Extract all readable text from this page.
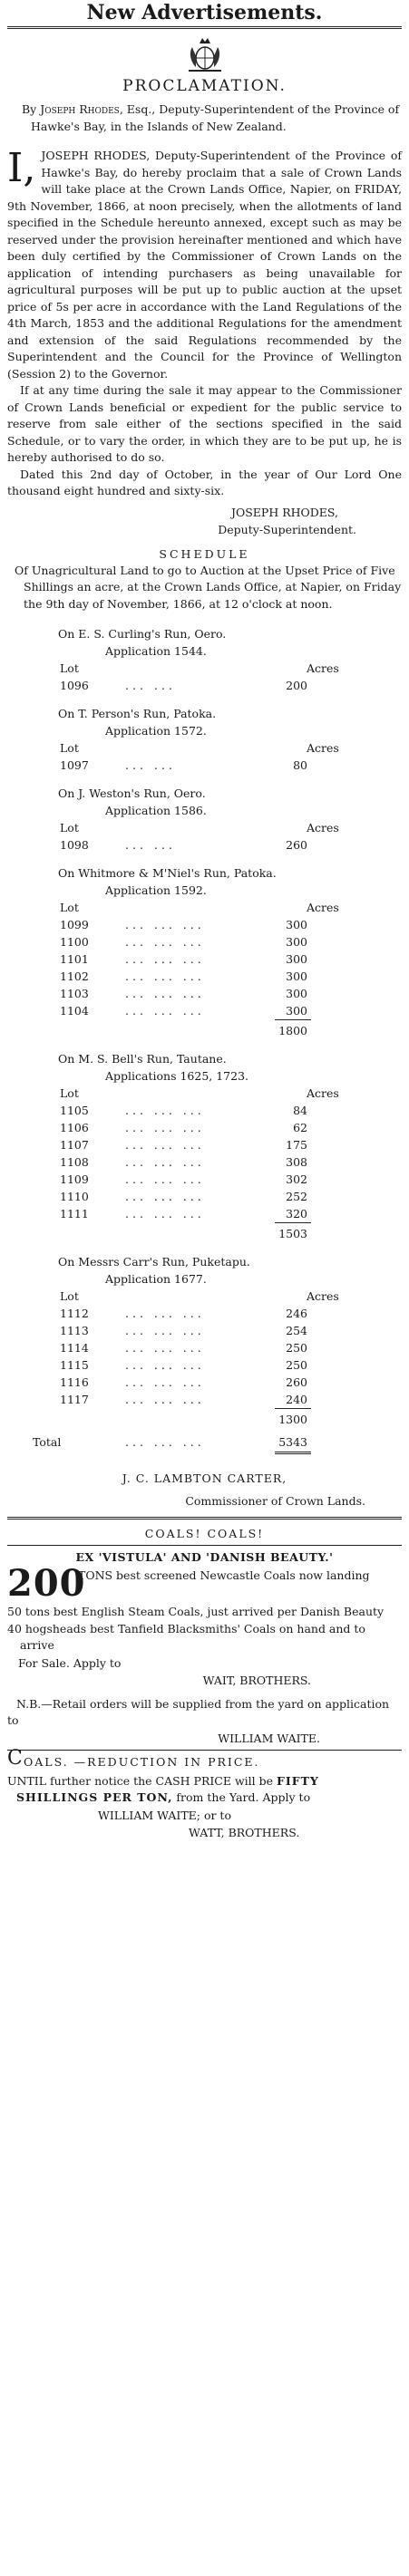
New Advertisements.
PROCLAMATION.

By Joseph Rhodes, Esq., Deputy-Superintendent of the Province of Hawke's Bay, in the Islands of New Zealand.

I, JOSEPH RHODES, Deputy-Superintendent of the Province of Hawke's Bay, do hereby proclaim that a sale of Crown Lands will take place at the Crown Lands Office, Napier, on FRIDAY, 9th November, 1866, at noon precisely, when the allotments of land specified in the Schedule hereunto annexed, except such as may be reserved under the provision hereinafter mentioned and which have been duly certified by the Commissioner of Crown Lands on the application of intending purchasers as being unavailable for agricultural purposes will be put up to public auction at the upset price of 5s per acre in accordance with the Land Regulations of the 4th March, 1853 and the additional Regulations for the amendment and extension of the said Regulations recommended by the Superintendent and the Council for the Province of Wellington (Session 2) to the Governor.

If at any time during the sale it may appear to the Commissioner of Crown Lands beneficial or expedient for the public service to reserve from sale either of the sections specified in the said Schedule, or to vary the order, in which they are to be put up, he is hereby authorised to do so.

Dated this 2nd day of October, in the year of Our Lord One thousand eight hundred and sixty-six.

JOSEPH RHODES,

Deputy-Superintendent.

SCHEDULE

Of Unagricultural Land to go to Auction at the Upset Price of Five Shillings an acre, at the Crown Lands Office, at Napier, on Friday the 9th day of November, 1866, at 12 o'clock at noon.

On E. S. Curling's Run, Oero.
Application 1544.
Lot	Acres
1096	... ...	200
On T. Person's Run, Patoka.
Application 1572.
Lot	Acres
1097	... ...	80
On J. Weston's Run, Oero.
Application 1586.
Lot	Acres
1098	... ...	260
On Whitmore & M'Niel's Run, Patoka.
Application 1592.
Lot	Acres
1099	... ... ...	300
1100	... ... ...	300
1101	... ... ...	300
1102	... ... ...	300
1103	... ... ...	300
1104	... ... ...	300
1800
On M. S. Bell's Run, Tautane.
Applications 1625, 1723.
Lot	Acres
1105	... ... ...	84
1106	... ... ...	62
1107	... ... ...	175
1108	... ... ...	308
1109	... ... ...	302
1110	... ... ...	252
1111	... ... ...	320
1503
On Messrs Carr's Run, Puketapu.
Application 1677.
Lot	Acres
1112	... ... ...	246
1113	... ... ...	254
1114	... ... ...	250
1115	... ... ...	250
1116	... ... ...	260
1117	... ... ...	240
1300
Total	... ... ...	5343
J. C. LAMBTON CARTER,
Commissioner of Crown Lands.
COALS! COALS!
EX 'VISTULA' AND 'DANISH BEAUTY.'
200
TONS best screened Newcastle Coals now landing

50 tons best English Steam Coals, just arrived per Danish Beauty

40 hogsheads best Tanfield Blacksmiths' Coals on hand and to arrive

For Sale. Apply to

WAIT, BROTHERS.

N.B.—Retail orders will be supplied from the yard on application to

WILLIAM WAITE.

C OALS. —REDUCTION IN PRICE.

UNTIL further notice the CASH PRICE will be FIFTY SHILLINGS PER TON, from the Yard. Apply to

WILLIAM WAITE; or to

WATT, BROTHERS.
